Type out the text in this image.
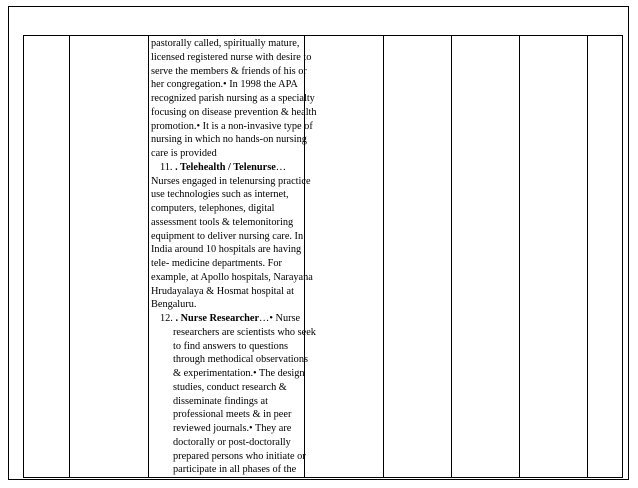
pastorally called, spiritually mature,

licensed registered nurse with desire to

serve the members & friends of his or

her congregation.• In 1998 the APA

recognized parish nursing as a specialty

focusing on disease prevention & health

promotion.• It is a non-invasive type of

nursing in which no hands-on nursing

care is provided

11. . Telehealth / Telenurse…

Nurses engaged in telenursing practice

use technologies such as internet,

computers, telephones, digital

assessment tools & telemonitoring

equipment to deliver nursing care. In

India around 10 hospitals are having

tele- medicine departments. For

example, at Apollo hospitals, Narayana

Hrudayalaya & Hosmat hospital at

Bengaluru.

12. . Nurse Researcher…• Nurse

researchers are scientists who seek

to find answers to questions

through methodical observations

& experimentation.• The design

studies, conduct research &

disseminate findings at

professional meets & in peer

reviewed journals.• They are

doctorally or post-doctorally

prepared persons who initiate or

participate in all phases of the
